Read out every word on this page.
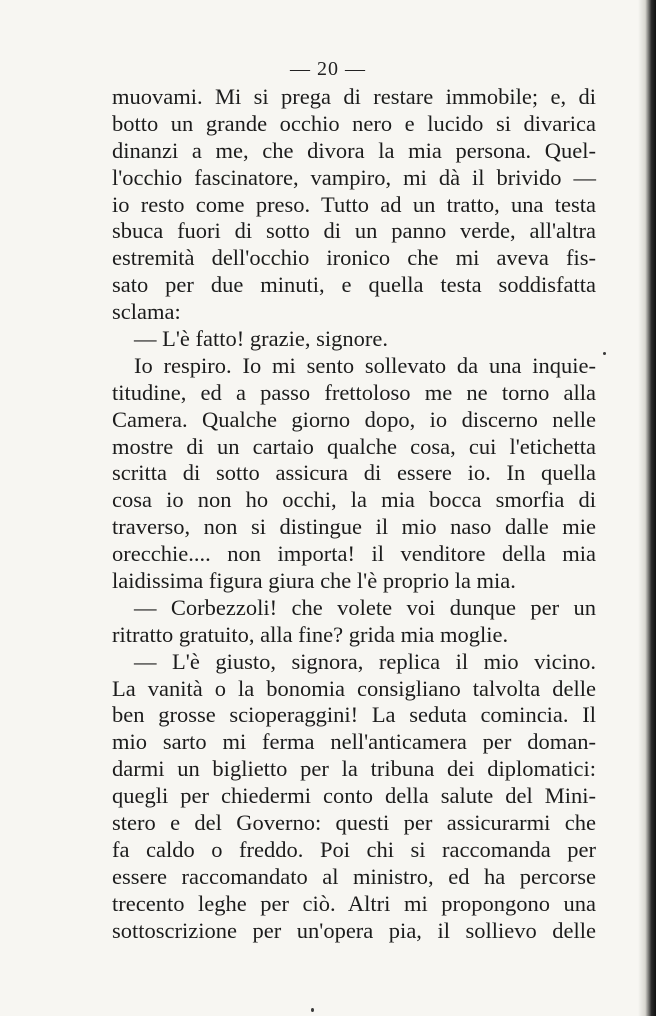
— 20 —
muovami. Mi si prega di restare immobile; e, di
botto un grande occhio nero e lucido si divarica
dinanzi a me, che divora la mia persona. Quel-
l'occhio fascinatore, vampiro, mi dà il brivido —
io resto come preso. Tutto ad un tratto, una testa
sbuca fuori di sotto di un panno verde, all'altra
estremità dell'occhio ironico che mi aveva fis-
sato per due minuti, e quella testa soddisfatta
sclama:
— L'è fatto! grazie, signore.
Io respiro. Io mi sento sollevato da una inquie-
titudine, ed a passo frettoloso me ne torno alla
Camera. Qualche giorno dopo, io discerno nelle
mostre di un cartaio qualche cosa, cui l'etichetta
scritta di sotto assicura di essere io. In quella
cosa io non ho occhi, la mia bocca smorfia di
traverso, non si distingue il mio naso dalle mie
orecchie.... non importa! il venditore della mia
laidissima figura giura che l'è proprio la mia.
— Corbezzoli! che volete voi dunque per un
ritratto gratuito, alla fine? grida mia moglie.
— L'è giusto, signora, replica il mio vicino.
La vanità o la bonomia consigliano talvolta delle
ben grosse scioperaggini! La seduta comincia. Il
mio sarto mi ferma nell'anticamera per doman-
darmi un biglietto per la tribuna dei diplomatici:
quegli per chiedermi conto della salute del Mini-
stero e del Governo: questi per assicurarmi che
fa caldo o freddo. Poi chi si raccomanda per
essere raccomandato al ministro, ed ha percorse
trecento leghe per ciò. Altri mi propongono una
sottoscrizione per un'opera pia, il sollievo delle
